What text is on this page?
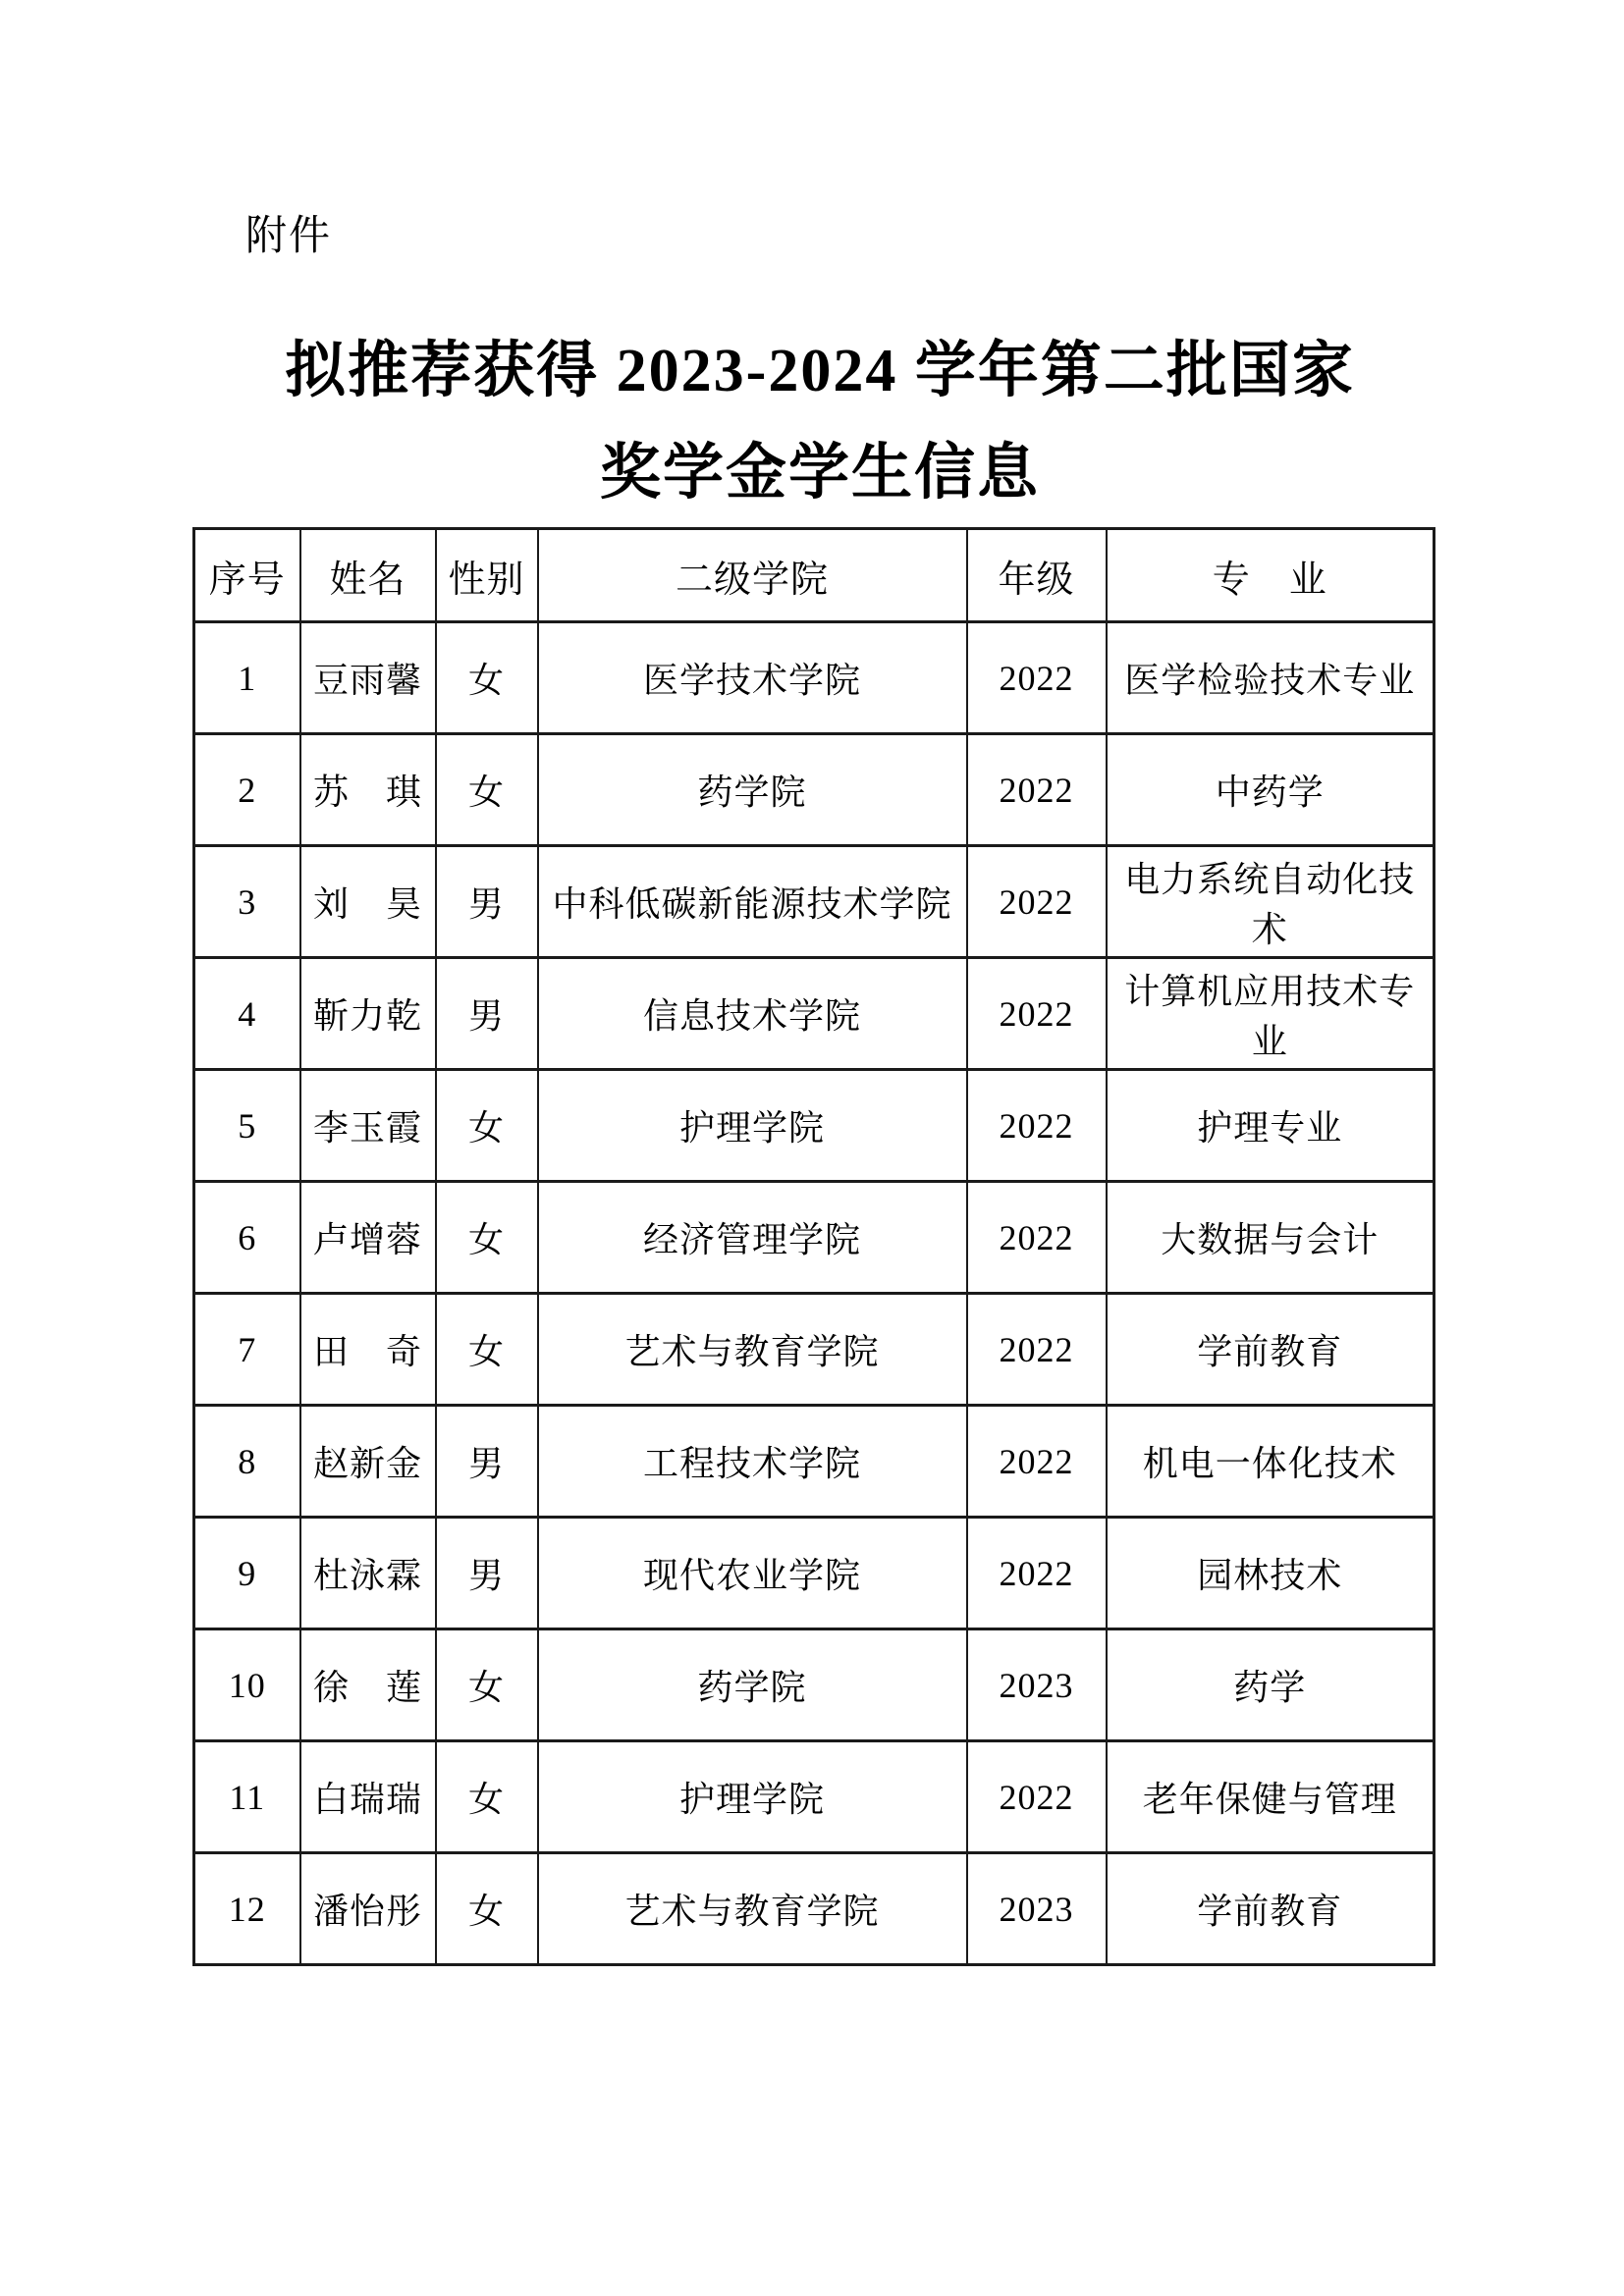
附件
拟推荐获得 2023-2024 学年第二批国家
奖学金学生信息
序号	姓名	性别	二级学院	年级	专　业
1	豆雨馨	女	医学技术学院	2022	医学检验技术专业
2	苏　琪	女	药学院	2022	中药学
3	刘　昊	男	中科低碳新能源技术学院	2022	电力系统自动化技术
4	靳力乾	男	信息技术学院	2022	计算机应用技术专业
5	李玉霞	女	护理学院	2022	护理专业
6	卢增蓉	女	经济管理学院	2022	大数据与会计
7	田　奇	女	艺术与教育学院	2022	学前教育
8	赵新金	男	工程技术学院	2022	机电一体化技术
9	杜泳霖	男	现代农业学院	2022	园林技术
10	徐　莲	女	药学院	2023	药学
11	白瑞瑞	女	护理学院	2022	老年保健与管理
12	潘怡彤	女	艺术与教育学院	2023	学前教育
